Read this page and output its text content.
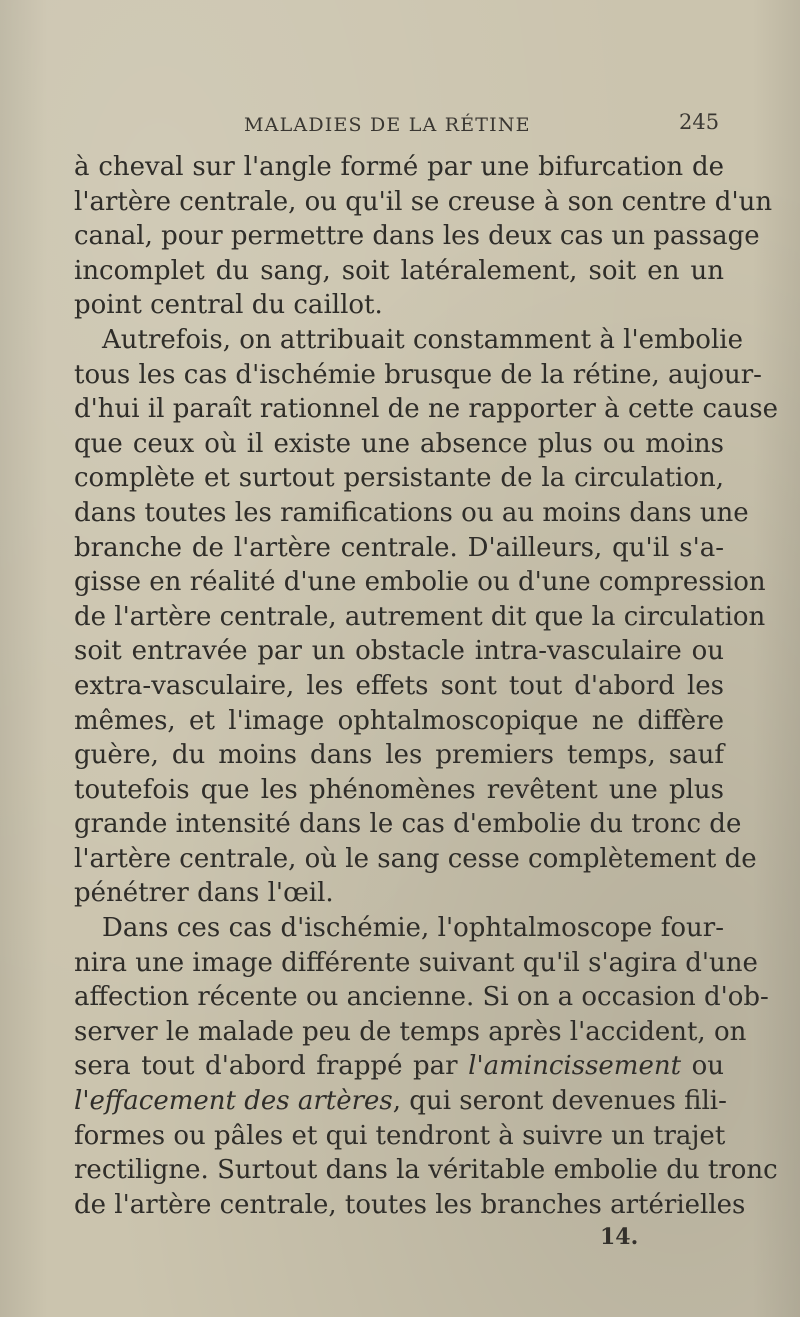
MALADIES DE LA RÉTINE	245
à cheval sur l'angle formé par une bifurcation de
l'artère centrale, ou qu'il se creuse à son centre d'un
canal, pour permettre dans les deux cas un passage
incomplet du sang, soit latéralement, soit en un
point central du caillot.
Autrefois, on attribuait constamment à l'embolie
tous les cas d'ischémie brusque de la rétine, aujour-
d'hui il paraît rationnel de ne rapporter à cette cause
que ceux où il existe une absence plus ou moins
complète et surtout persistante de la circulation,
dans toutes les ramifications ou au moins dans une
branche de l'artère centrale. D'ailleurs, qu'il s'a-
gisse en réalité d'une embolie ou d'une compression
de l'artère centrale, autrement dit que la circulation
soit entravée par un obstacle intra-vasculaire ou
extra-vasculaire, les effets sont tout d'abord les
mêmes, et l'image ophtalmoscopique ne diffère
guère, du moins dans les premiers temps, sauf
toutefois que les phénomènes revêtent une plus
grande intensité dans le cas d'embolie du tronc de
l'artère centrale, où le sang cesse complètement de
pénétrer dans l'œil.
Dans ces cas d'ischémie, l'ophtalmoscope four-
nira une image différente suivant qu'il s'agira d'une
affection récente ou ancienne. Si on a occasion d'ob-
server le malade peu de temps après l'accident, on
sera tout d'abord frappé par l'amincissement ou
l'effacement des artères, qui seront devenues fili-
formes ou pâles et qui tendront à suivre un trajet
rectiligne. Surtout dans la véritable embolie du tronc
de l'artère centrale, toutes les branches artérielles
14.
